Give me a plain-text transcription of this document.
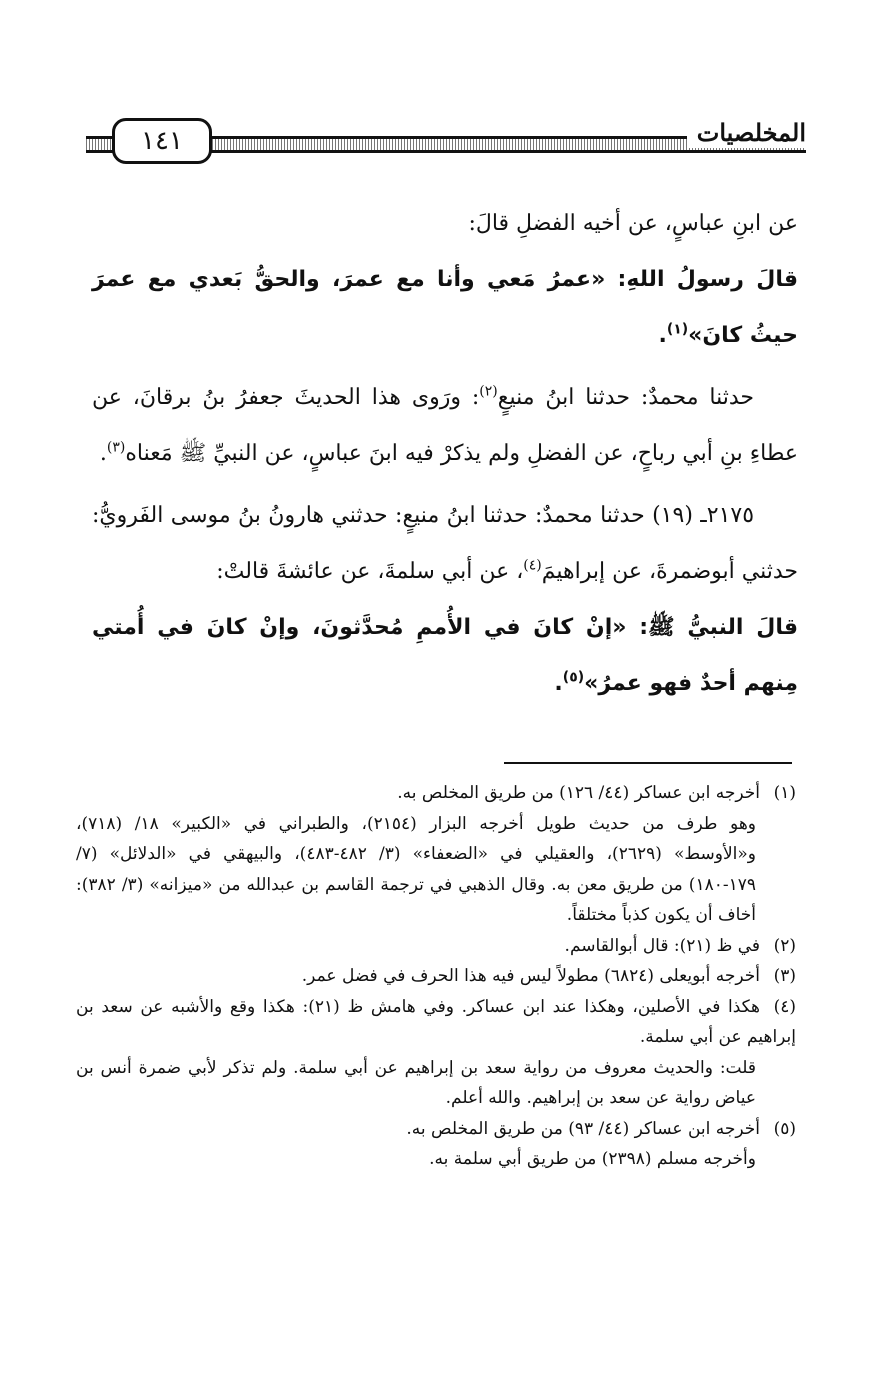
المخلصيات
١٤١

عن ابنِ عباسٍ، عن أخيه الفضلِ قالَ:

قالَ رسولُ اللهِ: «عمرُ مَعي وأنا مع عمرَ، والحقُّ بَعدي مع عمرَ حيثُ كانَ»$^{(١)}$.

حدثنا محمدٌ: حدثنا ابنُ منيعٍ$^{(٢)}$: ورَوى هذا الحديثَ جعفرُ بنُ برقانَ، عن عطاءِ بنِ أبي رباحٍ، عن الفضلِ ولم يذكرْ فيه ابنَ عباسٍ، عن النبيِّ ﷺ مَعناه$^{(٣)}$.

٢١٧٥ـ (١٩) حدثنا محمدٌ: حدثنا ابنُ منيعٍ: حدثني هارونُ بنُ موسى الفَرويُّ: حدثني أبوضمرةَ، عن إبراهيمَ$^{(٤)}$، عن أبي سلمةَ، عن عائشةَ قالتْ:

قالَ النبيُّ ﷺ: «إنْ كانَ في الأُممِ مُحدَّثونَ، وإنْ كانَ في أُمتي مِنهم أحدٌ فهو عمرُ»$^{(٥)}$.

(١)أخرجه ابن عساكر (٤٤/ ١٢٦) من طريق المخلص به.

وهو طرف من حديث طويل أخرجه البزار (٢١٥٤)، والطبراني في «الكبير» ١٨/ (٧١٨)، و«الأوسط» (٢٦٢٩)، والعقيلي في «الضعفاء» (٣/ ٤٨٢-٤٨٣)، والبيهقي في «الدلائل» (٧/ ١٧٩-١٨٠) من طريق معن به. وقال الذهبي في ترجمة القاسم بن عبدالله من «ميزانه» (٣/ ٣٨٢): أخاف أن يكون كذباً مختلقاً.

(٢)في ظ (٢١): قال أبوالقاسم.

(٣)أخرجه أبويعلى (٦٨٢٤) مطولاً ليس فيه هذا الحرف في فضل عمر.

(٤)هكذا في الأصلين، وهكذا عند ابن عساكر. وفي هامش ظ (٢١): هكذا وقع والأشبه عن سعد بن إبراهيم عن أبي سلمة.

قلت: والحديث معروف من رواية سعد بن إبراهيم عن أبي سلمة. ولم تذكر لأبي ضمرة أنس بن عياض رواية عن سعد بن إبراهيم. والله أعلم.

(٥)أخرجه ابن عساكر (٤٤/ ٩٣) من طريق المخلص به.

وأخرجه مسلم (٢٣٩٨) من طريق أبي سلمة به.
